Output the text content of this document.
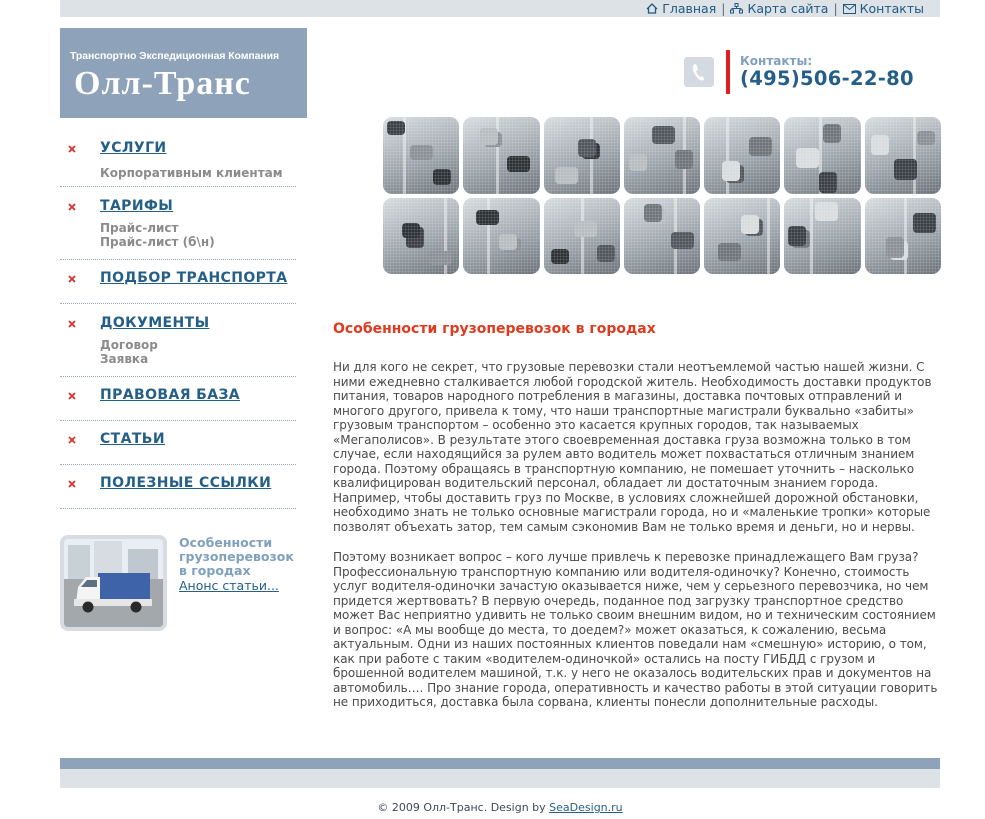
Главная | Карта сайта | Контакты
Транспортно Экспедиционная Компания
Олл-Транс
Контакты:
(495)506-22-80
УСЛУГИ
Корпоративным клиентам
ТАРИФЫ
Прайс-лист
Прайс-лист (б\н)
ПОДБОР ТРАНСПОРТА
ДОКУМЕНТЫ
Договор
Заявка
ПРАВОВАЯ БАЗА
СТАТЬИ
ПОЛЕЗНЫЕ ССЫЛКИ
Особенности грузоперевозок в городах
Анонс статьи...
Особенности грузоперевозок в городах

Ни для кого не секрет, что грузовые перевозки стали неотъемлемой частью нашей жизни. С ними ежедневно сталкивается любой городской житель. Необходимость доставки продуктов питания, товаров народного потребления в магазины, доставка почтовых отправлений и многого другого, привела к тому, что наши транспортные магистрали буквально «забиты» грузовым транспортом – особенно это касается крупных городов, так называемых «Мегаполисов». В результате этого своевременная доставка груза возможна только в том случае, если находящийся за рулем авто водитель может похвастаться отличным знанием города. Поэтому обращаясь в транспортную компанию, не помешает уточнить – насколько квалифицирован водительский персонал, обладает ли достаточным знанием города. Например, чтобы доставить груз по Москве, в условиях сложнейшей дорожной обстановки, необходимо знать не только основные магистрали города, но и «маленькие тропки» которые позволят объехать затор, тем самым сэкономив Вам не только время и деньги, но и нервы.

Поэтому возникает вопрос – кого лучше привлечь к перевозке принадлежащего Вам груза? Профессиональную транспортную компанию или водителя-одиночку? Конечно, стоимость услуг водителя-одиночки зачастую оказывается ниже, чем у серьезного перевозчика, но чем придется жертвовать? В первую очередь, поданное под загрузку транспортное средство может Вас неприятно удивить не только своим внешним видом, но и техническим состоянием и вопрос: «А мы вообще до места, то доедем?» может оказаться, к сожалению, весьма актуальным. Одни из наших постоянных клиентов поведали нам «смешную» историю, о том, как при работе с таким «водителем-одиночкой» остались на посту ГИБДД с грузом и брошенной водителем машиной, т.к. у него не оказалось водительских прав и документов на автомобиль…. Про знание города, оперативность и качество работы в этой ситуации говорить не приходиться, доставка была сорвана, клиенты понесли дополнительные расходы.

© 2009 Олл-Транс. Design by SeaDesign.ru
